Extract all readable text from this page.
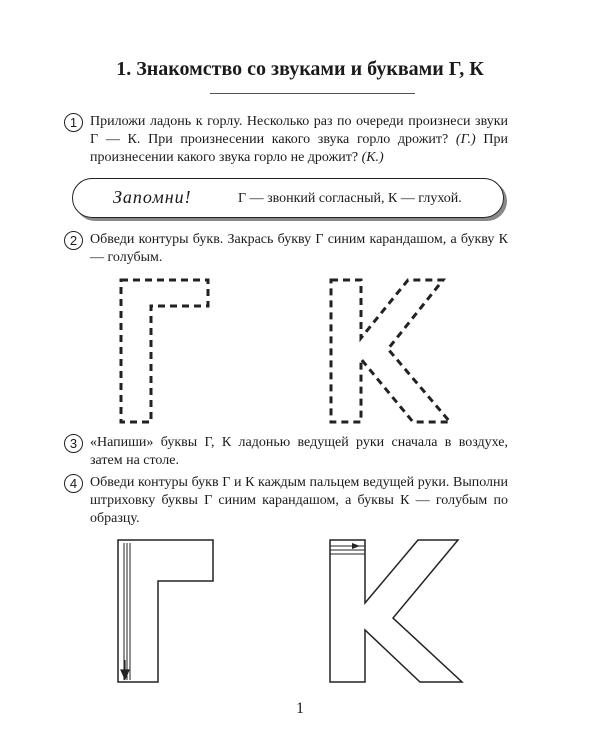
1. Знакомство со звуками и буквами Г, К
1 Приложи ладонь к горлу. Несколько раз по очереди произнеси звуки Г — К. При произнесении какого звука горло дрожит? (Г.) При произнесении какого звука горло не дрожит? (К.)
Запомни!	Г — звонкий согласный, К — глухой.
2 Обведи контуры букв. Закрась букву Г синим карандашом, а букву К — голубым.
3 «Напиши» буквы Г, К ладонью ведущей руки сначала в воздухе, затем на столе.
4 Обведи контуры букв Г и К каждым пальцем ведущей руки. Выполни штриховку буквы Г синим карандашом, а буквы К — голубым по образцу.
1
